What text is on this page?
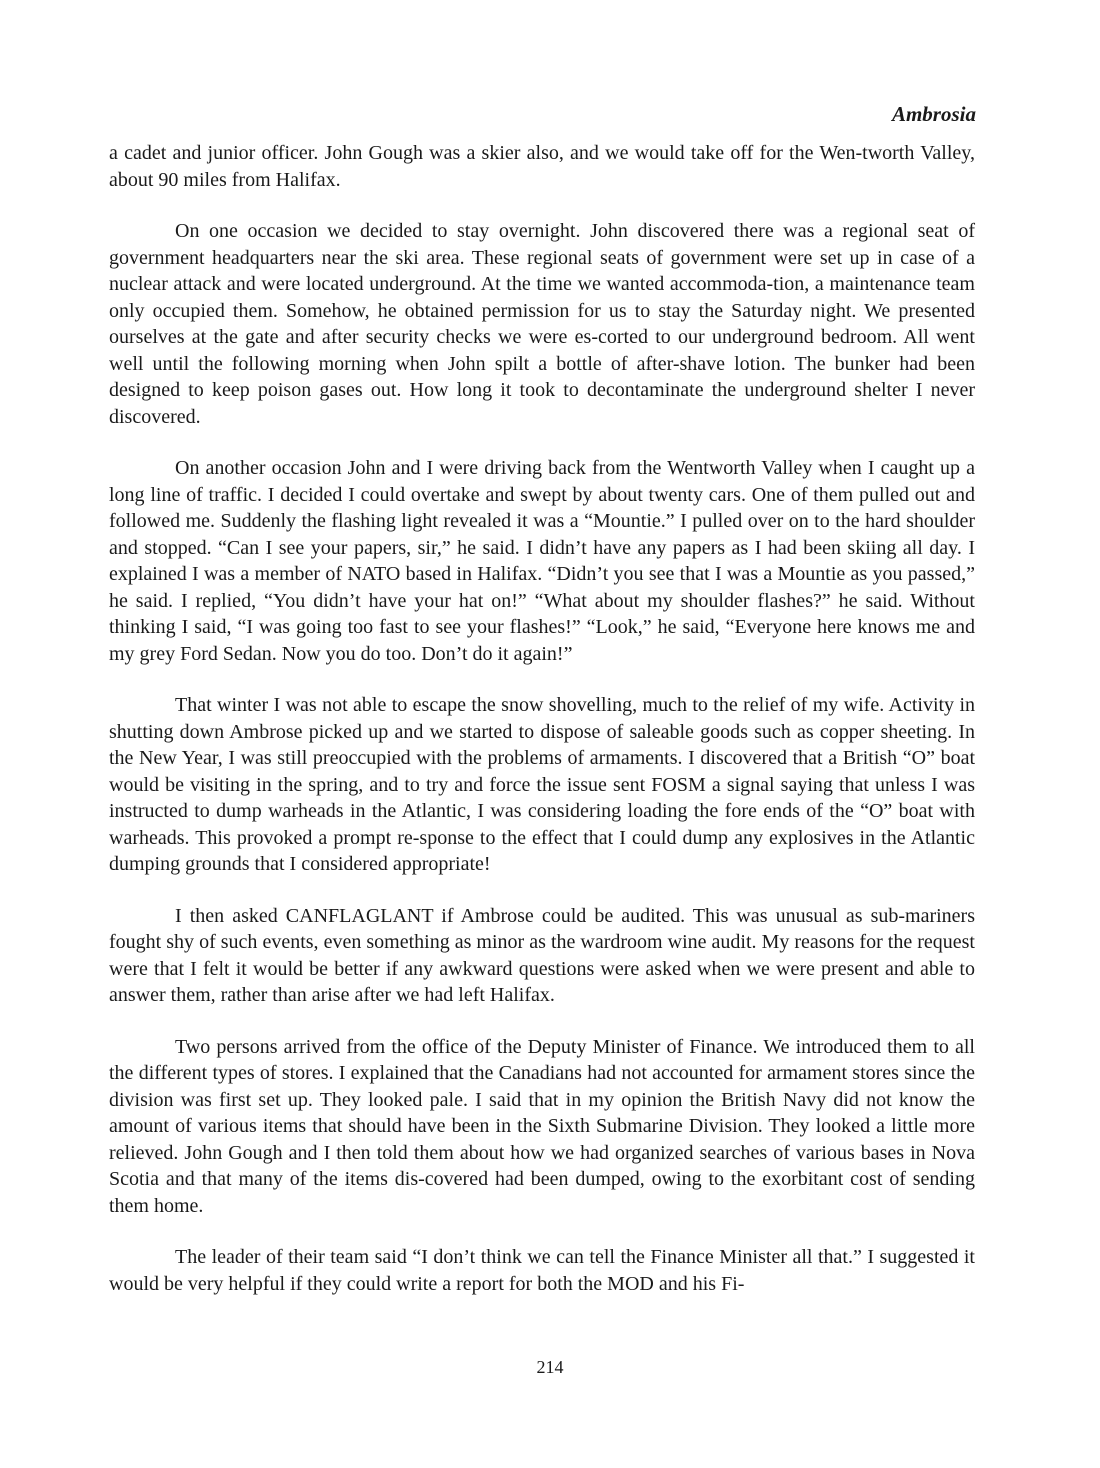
Ambrosia

a cadet and junior officer. John Gough was a skier also, and we would take off for the Wen-tworth Valley, about 90 miles from Halifax.

On one occasion we decided to stay overnight. John discovered there was a regional seat of government headquarters near the ski area. These regional seats of government were set up in case of a nuclear attack and were located underground. At the time we wanted accommoda-tion, a maintenance team only occupied them. Somehow, he obtained permission for us to stay the Saturday night. We presented ourselves at the gate and after security checks we were es-corted to our underground bedroom. All went well until the following morning when John spilt a bottle of after-shave lotion. The bunker had been designed to keep poison gases out. How long it took to decontaminate the underground shelter I never discovered.

On another occasion John and I were driving back from the Wentworth Valley when I caught up a long line of traffic. I decided I could overtake and swept by about twenty cars. One of them pulled out and followed me. Suddenly the flashing light revealed it was a “Mountie.” I pulled over on to the hard shoulder and stopped. “Can I see your papers, sir,” he said. I didn’t have any papers as I had been skiing all day. I explained I was a member of NATO based in Halifax. “Didn’t you see that I was a Mountie as you passed,” he said. I replied, “You didn’t have your hat on!” “What about my shoulder flashes?” he said. Without thinking I said, “I was going too fast to see your flashes!” “Look,” he said, “Everyone here knows me and my grey Ford Sedan. Now you do too. Don’t do it again!”

That winter I was not able to escape the snow shovelling, much to the relief of my wife. Activity in shutting down Ambrose picked up and we started to dispose of saleable goods such as copper sheeting. In the New Year, I was still preoccupied with the problems of armaments. I discovered that a British “O” boat would be visiting in the spring, and to try and force the issue sent FOSM a signal saying that unless I was instructed to dump warheads in the Atlantic, I was considering loading the fore ends of the “O” boat with warheads. This provoked a prompt re-sponse to the effect that I could dump any explosives in the Atlantic dumping grounds that I considered appropriate!

I then asked CANFLAGLANT if Ambrose could be audited. This was unusual as sub-mariners fought shy of such events, even something as minor as the wardroom wine audit. My reasons for the request were that I felt it would be better if any awkward questions were asked when we were present and able to answer them, rather than arise after we had left Halifax.

Two persons arrived from the office of the Deputy Minister of Finance. We introduced them to all the different types of stores. I explained that the Canadians had not accounted for armament stores since the division was first set up. They looked pale. I said that in my opinion the British Navy did not know the amount of various items that should have been in the Sixth Submarine Division. They looked a little more relieved. John Gough and I then told them about how we had organized searches of various bases in Nova Scotia and that many of the items dis-covered had been dumped, owing to the exorbitant cost of sending them home.

The leader of their team said “I don’t think we can tell the Finance Minister all that.” I suggested it would be very helpful if they could write a report for both the MOD and his Fi-

214
